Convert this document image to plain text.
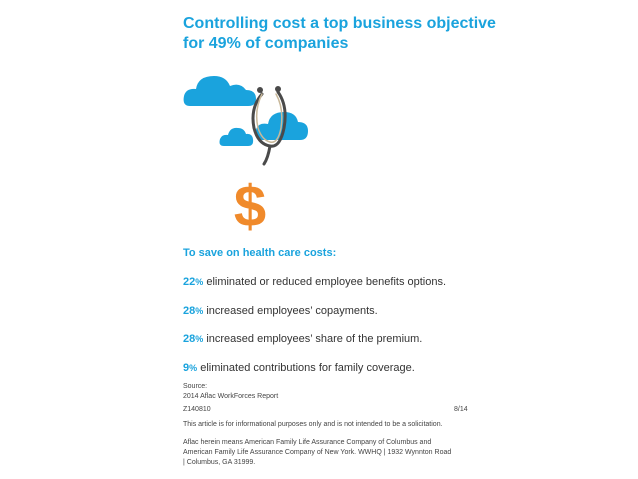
Controlling cost a top business objective
for 49% of companies
$
To save on health care costs:
22% eliminated or reduced employee benefits options.
28% increased employees’ copayments.
28% increased employees’ share of the premium.
9% eliminated contributions for family coverage.
Source:
2014 Aflac WorkForces Report
Z140810	8/14
This article is for informational purposes only and is not intended to be a solicitation.
Aflac herein means American Family Life Assurance Company of Columbus and
American Family Life Assurance Company of New York. WWHQ | 1932 Wynnton Road
| Columbus, GA 31999.
